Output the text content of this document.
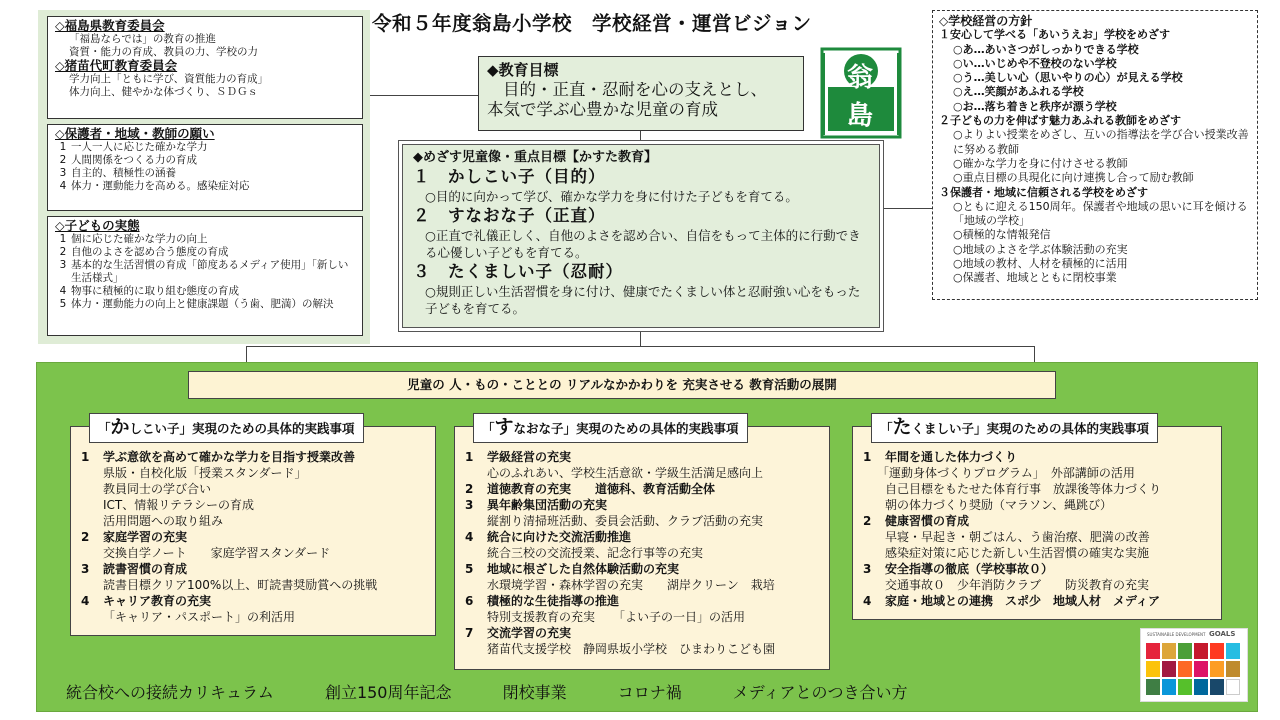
◇福島県教育委員会
「福島ならでは」の教育の推進
資質・能力の育成、教員の力、学校の力
◇猪苗代町教育委員会
学力向上「ともに学び、資質能力の育成」
体力向上、健やかな体づくり、ＳＤＧｓ
◇保護者・地域・教師の願い
1 一人一人に応じた確かな学力
2 人間関係をつくる力の育成
3 自主的、積極性の涵養
4 体力・運動能力を高める。感染症対応
◇子どもの実態
1 個に応じた確かな学力の向上
2 自他のよさを認め合う態度の育成
3 基本的な生活習慣の育成「節度あるメディア使用」「新しい生活様式」
4 物事に積極的に取り組む態度の育成
5 体力・運動能力の向上と健康課題（う歯、肥満）の解決
令和５年度翁島小学校　学校経営・運営ビジョン
◆教育目標
目的・正直・忍耐を心の支えとし、
本気で学ぶ心豊かな児童の育成
翁
島
◆めざす児童像・重点目標【かすた教育】
１　かしこい子（目的）
○目的に向かって学び、確かな学力を身に付けた子どもを育てる。
２　すなおな子（正直）
○正直で礼儀正しく、自他のよさを認め合い、自信をもって主体的に行動できる心優しい子どもを育てる。
３　たくましい子（忍耐）
○規則正しい生活習慣を身に付け、健康でたくましい体と忍耐強い心をもった子どもを育てる。
◇学校経営の方針
１安心して学べる「あいうえお」学校をめざす
○あ…あいさつがしっかりできる学校
○い…いじめや不登校のない学校
○う…美しい心（思いやりの心）が見える学校
○え…笑顔があふれる学校
○お…落ち着きと秩序が漂う学校
２子どもの力を伸ばす魅力あふれる教師をめざす
○よりよい授業をめざし、互いの指導法を学び合い授業改善に努める教師
○確かな学力を身に付けさせる教師
○重点目標の具現化に向け連携し合って励む教師
３保護者・地域に信頼される学校をめざす
○ともに迎える150周年。保護者や地域の思いに耳を傾ける「地域の学校」
○積極的な情報発信
○地域のよさを学ぶ体験活動の充実
○地域の教材、人材を積極的に活用
○保護者、地域とともに閉校事業
児童の 人・もの・こととの リアルなかかわりを 充実させる 教育活動の展開
「かしこい子」実現のための具体的実践事項
1	学ぶ意欲を高めて確かな学力を目指す授業改善
県版・自校化版「授業スタンダード」
教員同士の学び合い
ICT、情報リテラシーの育成
活用問題への取り組み
2	家庭学習の充実
交換自学ノート　　家庭学習スタンダード
3	読書習慣の育成
読書目標クリア100%以上、町読書奨励賞への挑戦
4	キャリア教育の充実
「キャリア・パスポート」の利活用
「すなおな子」実現のための具体的実践事項
1	学級経営の充実
心のふれあい、学校生活意欲・学級生活満足感向上
2	道徳教育の充実　　道徳科、教育活動全体
3	異年齢集団活動の充実
縦割り清掃班活動、委員会活動、クラブ活動の充実
4	統合に向けた交流活動推進
統合三校の交流授業、記念行事等の充実
5	地域に根ざした自然体験活動の充実
水環境学習・森林学習の充実　　湖岸クリーン　栽培
6	積極的な生徒指導の推進
特別支援教育の充実　　「よい子の一日」の活用
7	交流学習の充実
猪苗代支援学校　静岡県坂小学校　ひまわりこども園
「たくましい子」実現のための具体的実践事項
1	年間を通した体力づくり
「運動身体づくりプログラム」　外部講師の活用
自己目標をもたせた体育行事　放課後等体力づくり
朝の体力づくり奨励（マラソン、縄跳び）
2	健康習慣の育成
早寝・早起き・朝ごはん、う歯治療、肥満の改善
感染症対策に応じた新しい生活習慣の確実な実施
3	安全指導の徹底（学校事故０）
交通事故０　少年消防クラブ　　防災教育の充実
4	家庭・地域との連携　スポ少　地域人材　メディア
統合校への接続カリキュラム	創立150周年記念	閉校事業	コロナ禍	メディアとのつき合い方
SUSTAINABLE DEVELOPMENT GOALS
